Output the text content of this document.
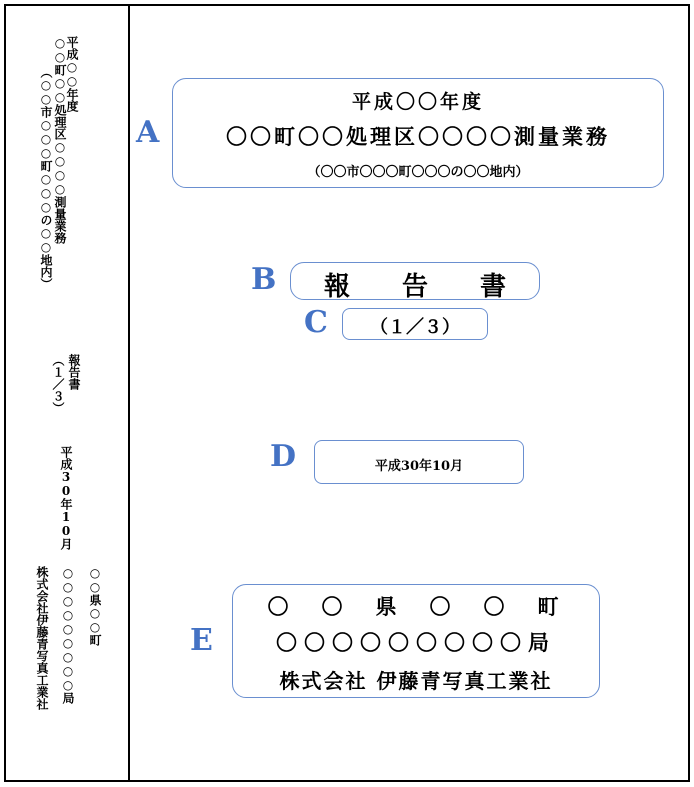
平成○○年度
○○町○○処理区○○○○測量業務
（○○市○○○町○○○の○○地内）
報告書
（１／３）
平成30年10月
○○県○○町
○○○○○○○○○局
株式会社伊藤青写真工業社
A
平成〇〇年度
〇〇町〇〇処理区〇〇〇〇測量業務
（〇〇市〇〇〇町〇〇〇の〇〇地内）
B	報　　告　　書
C	（１／３）
D	平成30年10月
E
〇　〇　県　〇　〇　町
〇〇〇〇〇〇〇〇〇局
株式会社 伊藤青写真工業社
